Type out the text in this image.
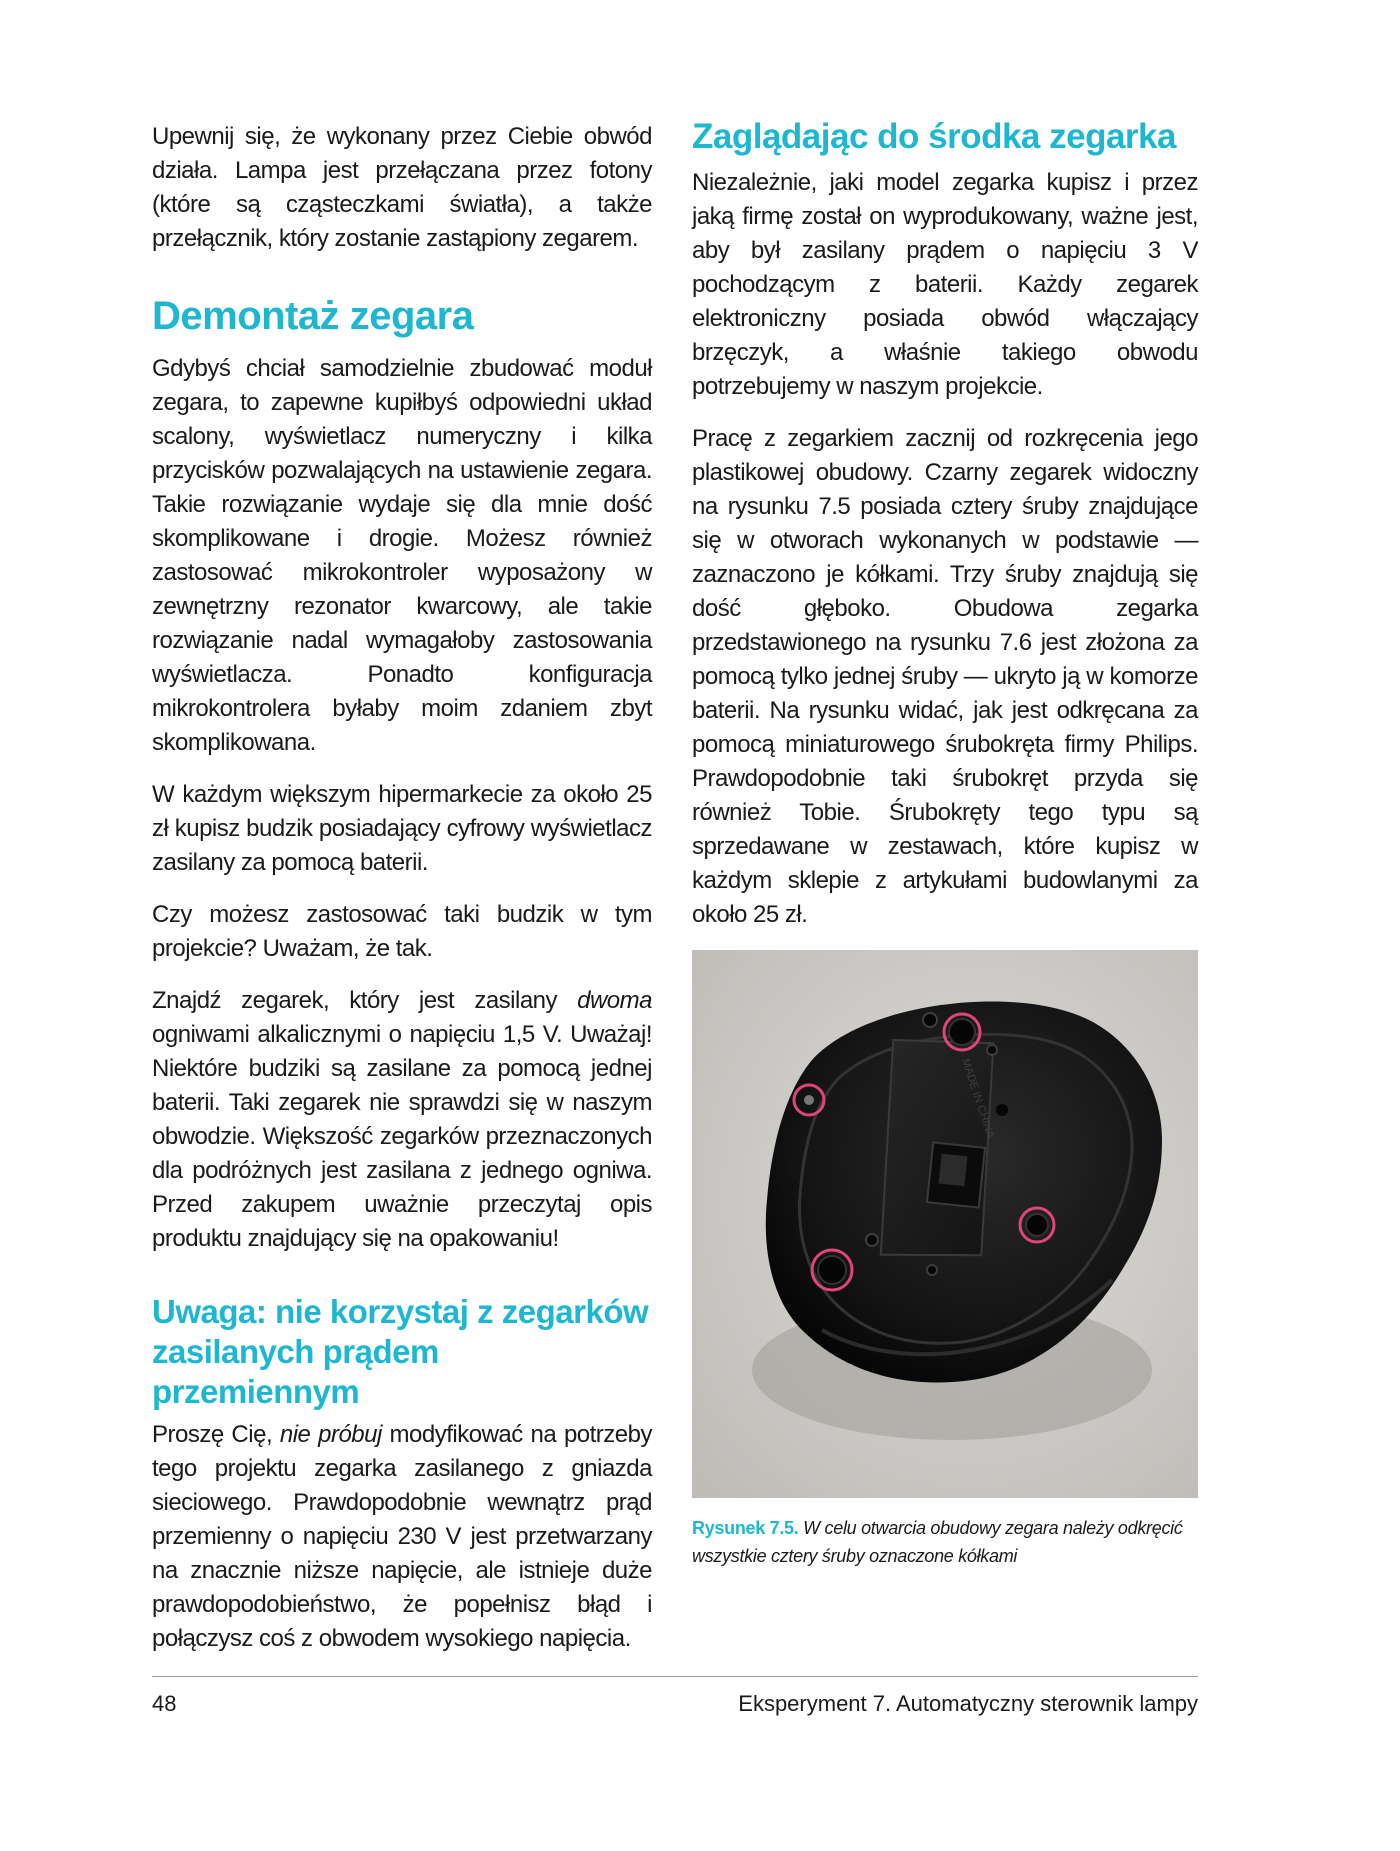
Upewnij się, że wykonany przez Ciebie obwód działa. Lampa jest przełączana przez fotony (które są cząsteczkami światła), a także przełącznik, który zostanie zastąpiony zegarem.

Demontaż zegara

Gdybyś chciał samodzielnie zbudować moduł zegara, to zapewne kupiłbyś odpowiedni układ scalony, wyświetlacz numeryczny i kilka przycisków pozwalających na ustawienie zegara. Takie rozwiązanie wydaje się dla mnie dość skomplikowane i drogie. Możesz również zastosować mikrokontroler wyposażony w zewnętrzny rezonator kwarcowy, ale takie rozwiązanie nadal wymagałoby zastosowania wyświetlacza. Ponadto konfiguracja mikrokontrolera byłaby moim zdaniem zbyt skomplikowana.

W każdym większym hipermarkecie za około 25 zł kupisz budzik posiadający cyfrowy wyświetlacz zasilany za pomocą baterii.

Czy możesz zastosować taki budzik w tym projekcie? Uważam, że tak.

Znajdź zegarek, który jest zasilany dwoma ogniwami alkalicznymi o napięciu 1,5 V. Uważaj! Niektóre budziki są zasilane za pomocą jednej baterii. Taki zegarek nie sprawdzi się w naszym obwodzie. Większość zegarków przeznaczonych dla podróżnych jest zasilana z jednego ogniwa. Przed zakupem uważnie przeczytaj opis produktu znajdujący się na opakowaniu!

Uwaga: nie korzystaj z zegarków zasilanych prądem przemiennym

Proszę Cię, nie próbuj modyfikować na potrzeby tego projektu zegarka zasilanego z gniazda sieciowego. Prawdopodobnie wewnątrz prąd przemienny o napięciu 230 V jest przetwarzany na znacznie niższe napięcie, ale istnieje duże prawdopodobieństwo, że popełnisz błąd i połączysz coś z obwodem wysokiego napięcia.

Zaglądając do środka zegarka

Niezależnie, jaki model zegarka kupisz i przez jaką firmę został on wyprodukowany, ważne jest, aby był zasilany prądem o napięciu 3 V pochodzącym z baterii. Każdy zegarek elektroniczny posiada obwód włączający brzęczyk, a właśnie takiego obwodu potrzebujemy w naszym projekcie.

Pracę z zegarkiem zacznij od rozkręcenia jego plastikowej obudowy. Czarny zegarek widoczny na rysunku 7.5 posiada cztery śruby znajdujące się w otworach wykonanych w podstawie — zaznaczono je kółkami. Trzy śruby znajdują się dość głęboko. Obudowa zegarka przedstawionego na rysunku 7.6 jest złożona za pomocą tylko jednej śruby — ukryto ją w komorze baterii. Na rysunku widać, jak jest odkręcana za pomocą miniaturowego śrubokręta firmy Philips. Prawdopodobnie taki śrubokręt przyda się również Tobie. Śrubokręty tego typu są sprzedawane w zestawach, które kupisz w każdym sklepie z artykułami budowlanymi za około 25 zł.

MADE IN CHINA
Rysunek 7.5. W celu otwarcia obudowy zegara należy odkręcić wszystkie cztery śruby oznaczone kółkami
48	Eksperyment 7. Automatyczny sterownik lampy
